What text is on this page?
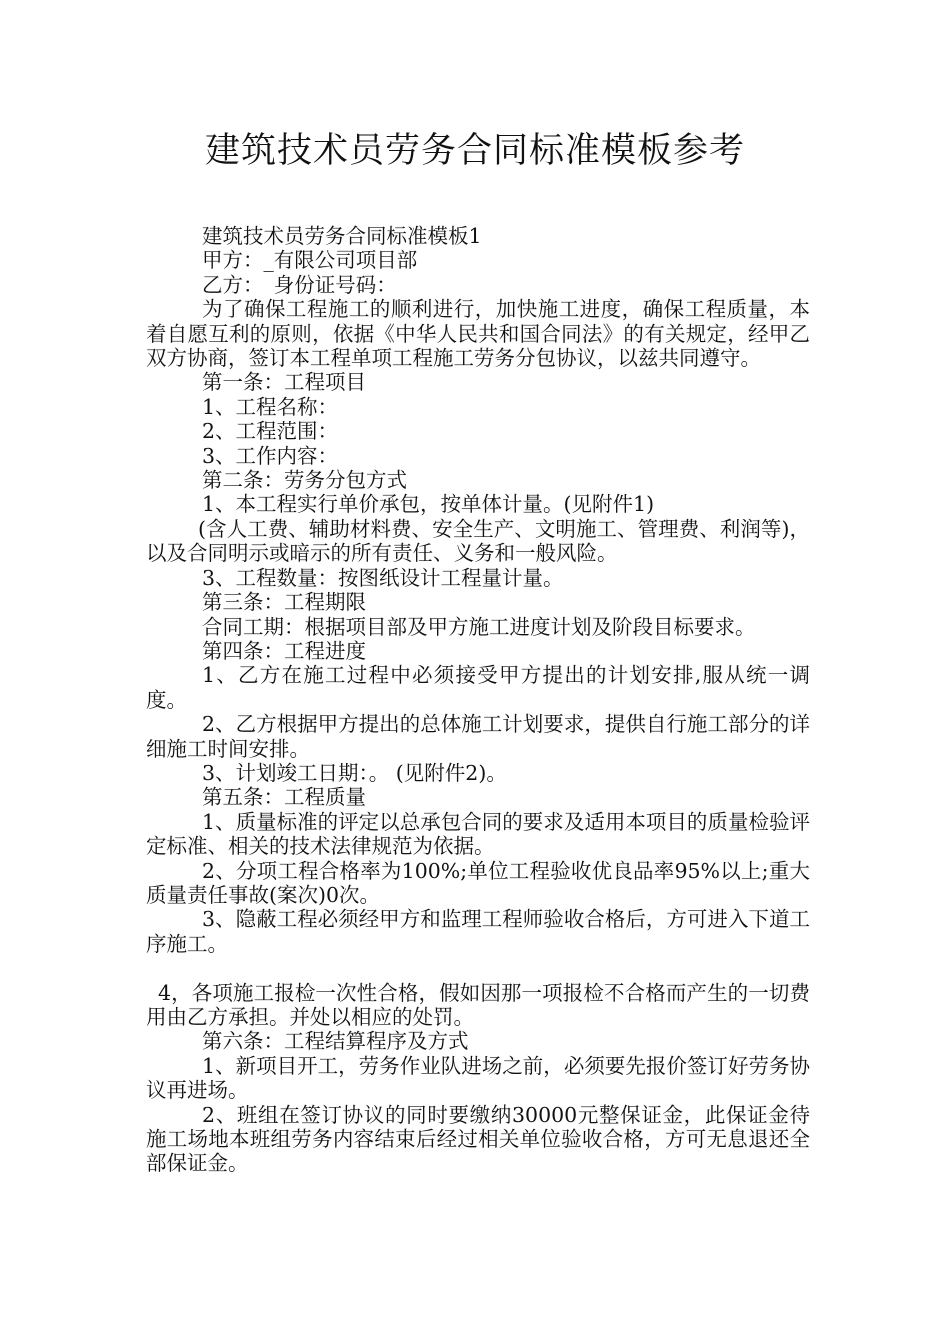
建筑技术员劳务合同标准模板参考

建筑技术员劳务合同标准模板1

甲方：_有限公司项目部

乙方：　身份证号码：

为了确保工程施工的顺利进行，加快施工进度，确保工程质量，本着自愿互利的原则，依据《中华人民共和国合同法》的有关规定，经甲乙双方协商，签订本工程单项工程施工劳务分包协议，以兹共同遵守。

第一条：工程项目

1、工程名称：

2、工程范围：

3、工作内容：

第二条：劳务分包方式

1、本工程实行单价承包，按单体计量。(见附件1)

(含人工费、辅助材料费、安全生产、文明施工、管理费、利润等)，以及合同明示或暗示的所有责任、义务和一般风险。

3、工程数量：按图纸设计工程量计量。

第三条：工程期限

合同工期：根据项目部及甲方施工进度计划及阶段目标要求。

第四条：工程进度

1、乙方在施工过程中必须接受甲方提出的计划安排,服从统一调度。

2、乙方根据甲方提出的总体施工计划要求，提供自行施工部分的详细施工时间安排。

3、计划竣工日期：。 (见附件2)。

第五条：工程质量

1、质量标准的评定以总承包合同的要求及适用本项目的质量检验评定标准、相关的技术法律规范为依据。

2、分项工程合格率为100%;单位工程验收优良品率95%以上;重大质量责任事故(案次)0次。

3、隐蔽工程必须经甲方和监理工程师验收合格后，方可进入下道工序施工。

4，各项施工报检一次性合格，假如因那一项报检不合格而产生的一切费用由乙方承担。并处以相应的处罚。

第六条：工程结算程序及方式

1、新项目开工，劳务作业队进场之前，必须要先报价签订好劳务协议再进场。

2、班组在签订协议的同时要缴纳30000元整保证金，此保证金待施工场地本班组劳务内容结束后经过相关单位验收合格，方可无息退还全部保证金。
